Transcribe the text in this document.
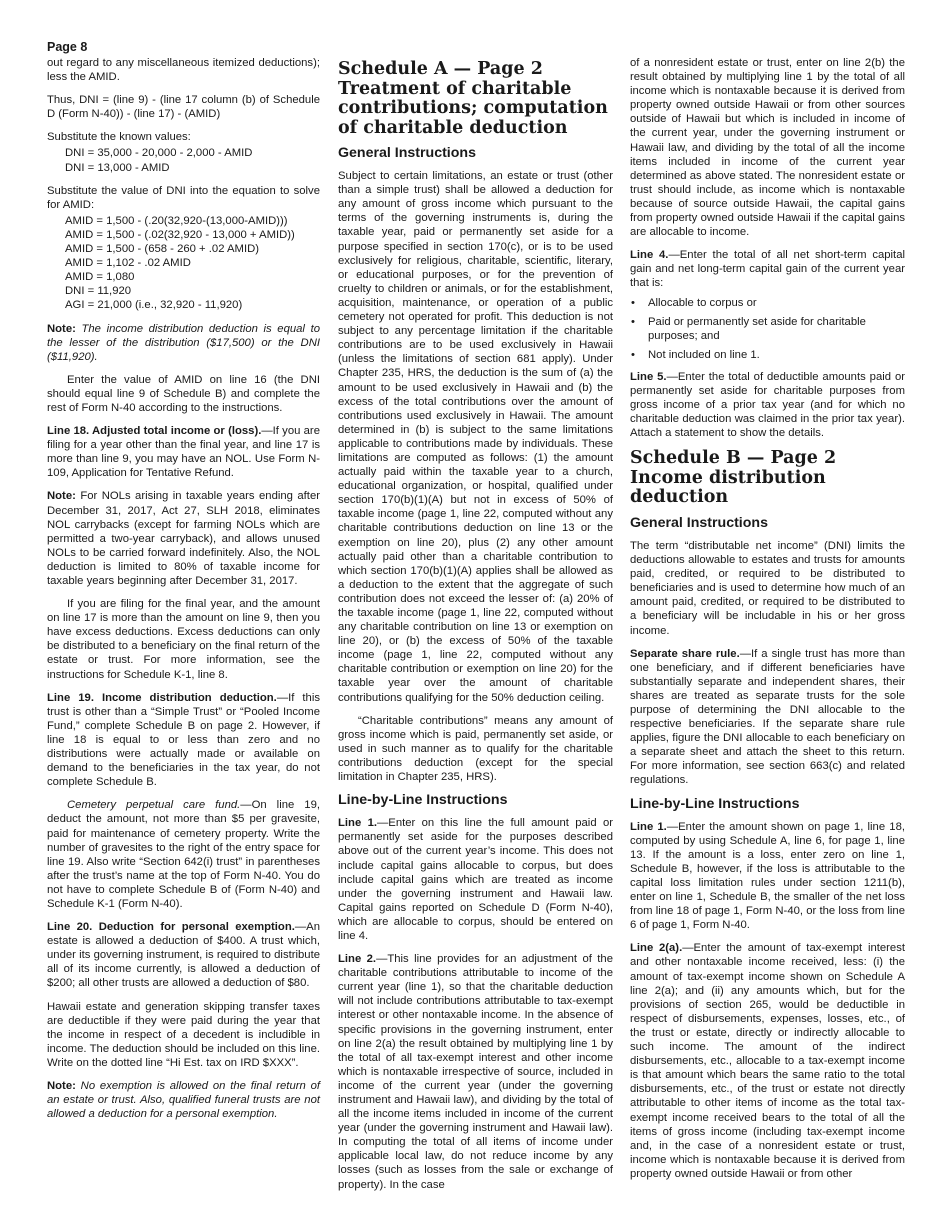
Page 8

out regard to any miscellaneous itemized deductions); less the AMID.

Thus, DNI = (line 9) - (line 17 column (b) of Schedule D (Form N-40)) - (line 17) - (AMID)

Substitute the known values:

DNI = 35,000 - 20,000 - 2,000 - AMID
DNI = 13,000 - AMID

Substitute the value of DNI into the equation to solve for AMID:

AMID = 1,500 - (.20(32,920-(13,000-AMID)))
AMID = 1,500 - (.02(32,920 - 13,000 + AMID))
AMID = 1,500 - (658 - 260 + .02 AMID)
AMID = 1,102 - .02 AMID
AMID = 1,080
DNI = 11,920
AGI = 21,000 (i.e., 32,920 - 11,920)

Note: The income distribution deduction is equal to the lesser of the distribution ($17,500) or the DNI ($11,920).

Enter the value of AMID on line 16 (the DNI should equal line 9 of Schedule B) and complete the rest of Form N-40 according to the instructions.

Line 18. Adjusted total income or (loss).—If you are filing for a year other than the final year, and line 17 is more than line 9, you may have an NOL. Use Form N-109, Application for Tentative Refund.

Note: For NOLs arising in taxable years ending after December 31, 2017, Act 27, SLH 2018, eliminates NOL carrybacks (except for farming NOLs which are permitted a two-year carryback), and allows unused NOLs to be carried forward indefinitely. Also, the NOL deduction is limited to 80% of taxable income for taxable years beginning after December 31, 2017.

If you are filing for the final year, and the amount on line 17 is more than the amount on line 9, then you have excess deductions. Excess deductions can only be distributed to a beneficiary on the final return of the estate or trust. For more information, see the instructions for Schedule K-1, line 8.

Line 19. Income distribution deduction.—If this trust is other than a “Simple Trust” or “Pooled Income Fund,” complete Schedule B on page 2. However, if line 18 is equal to or less than zero and no distributions were actually made or available on demand to the beneficiaries in the tax year, do not complete Schedule B.

Cemetery perpetual care fund.—On line 19, deduct the amount, not more than $5 per gravesite, paid for maintenance of cemetery property. Write the number of gravesites to the right of the entry space for line 19. Also write “Section 642(i) trust” in parentheses after the trust’s name at the top of Form N-40. You do not have to complete Schedule B of (Form N-40) and Schedule K-1 (Form N-40).

Line 20. Deduction for personal exemption.—An estate is allowed a deduction of $400. A trust which, under its governing instrument, is required to distribute all of its income currently, is allowed a deduction of $200; all other trusts are allowed a deduction of $80.

Hawaii estate and generation skipping transfer taxes are deductible if they were paid during the year that the income in respect of a decedent is includible in income. The deduction should be included on this line. Write on the dotted line “Hi Est. tax on IRD $XXX”.

Note: No exemption is allowed on the final return of an estate or trust. Also, qualified funeral trusts are not allowed a deduction for a personal exemption.

Schedule A — Page 2 Treatment of charitable contributions; computation of charitable deduction
General Instructions

Subject to certain limitations, an estate or trust (other than a simple trust) shall be allowed a deduction for any amount of gross income which pursuant to the terms of the governing instruments is, during the taxable year, paid or permanently set aside for a purpose specified in section 170(c), or is to be used exclusively for religious, charitable, scientific, literary, or educational purposes, or for the prevention of cruelty to children or animals, or for the establishment, acquisition, maintenance, or operation of a public cemetery not operated for profit. This deduction is not subject to any percentage limitation if the charitable contributions are to be used exclusively in Hawaii (unless the limitations of section 681 apply). Under Chapter 235, HRS, the deduction is the sum of (a) the amount to be used exclusively in Hawaii and (b) the excess of the total contributions over the amount of contributions used exclusively in Hawaii. The amount determined in (b) is subject to the same limitations applicable to contributions made by individuals. These limitations are computed as follows: (1) the amount actually paid within the taxable year to a church, educational organization, or hospital, qualified under section 170(b)(1)(A) but not in excess of 50% of taxable income (page 1, line 22, computed without any charitable contributions deduction on line 13 or the exemption on line 20), plus (2) any other amount actually paid other than a charitable contribution to which section 170(b)(1)(A) applies shall be allowed as a deduction to the extent that the aggregate of such contribution does not exceed the lesser of: (a) 20% of the taxable income (page 1, line 22, computed without any charitable contribution on line 13 or exemption on line 20), or (b) the excess of 50% of the taxable income (page 1, line 22, computed without any charitable contribution or exemption on line 20) for the taxable year over the amount of charitable contributions qualifying for the 50% deduction ceiling.

“Charitable contributions” means any amount of gross income which is paid, permanently set aside, or used in such manner as to qualify for the charitable contributions deduction (except for the special limitation in Chapter 235, HRS).

Line-by-Line Instructions

Line 1.—Enter on this line the full amount paid or permanently set aside for the purposes described above out of the current year’s income. This does not include capital gains allocable to corpus, but does include capital gains which are treated as income under the governing instrument and Hawaii law. Capital gains reported on Schedule D (Form N-40), which are allocable to corpus, should be entered on line 4.

Line 2.—This line provides for an adjustment of the charitable contributions attributable to income of the current year (line 1), so that the charitable deduction will not include contributions attributable to tax-exempt interest or other nontaxable income. In the absence of specific provisions in the governing instrument, enter on line 2(a) the result obtained by multiplying line 1 by the total of all tax-exempt interest and other income which is nontaxable irrespective of source, included in income of the current year (under the governing instrument and Hawaii law), and dividing by the total of all the income items included in income of the current year (under the governing instrument and Hawaii law). In computing the total of all items of income under applicable local law, do not reduce income by any losses (such as losses from the sale or exchange of property). In the case

of a nonresident estate or trust, enter on line 2(b) the result obtained by multiplying line 1 by the total of all income which is nontaxable because it is derived from property owned outside Hawaii or from other sources outside of Hawaii but which is included in income of the current year, under the governing instrument or Hawaii law, and dividing by the total of all the income items included in income of the current year determined as above stated. The nonresident estate or trust should include, as income which is nontaxable because of source outside Hawaii, the capital gains from property owned outside Hawaii if the capital gains are allocable to income.

Line 4.—Enter the total of all net short-term capital gain and net long-term capital gain of the current year that is:

• Allocable to corpus or
• Paid or permanently set aside for charitable purposes; and
• Not included on line 1.

Line 5.—Enter the total of deductible amounts paid or permanently set aside for charitable purposes from gross income of a prior tax year (and for which no charitable deduction was claimed in the prior tax year). Attach a statement to show the details.

Schedule B — Page 2 Income distribution deduction
General Instructions

The term “distributable net income” (DNI) limits the deductions allowable to estates and trusts for amounts paid, credited, or required to be distributed to beneficiaries and is used to determine how much of an amount paid, credited, or required to be distributed to a beneficiary will be includable in his or her gross income.

Separate share rule.—If a single trust has more than one beneficiary, and if different beneficiaries have substantially separate and independent shares, their shares are treated as separate trusts for the sole purpose of determining the DNI allocable to the respective beneficiaries. If the separate share rule applies, figure the DNI allocable to each beneficiary on a separate sheet and attach the sheet to this return. For more information, see section 663(c) and related regulations.

Line-by-Line Instructions

Line 1.—Enter the amount shown on page 1, line 18, computed by using Schedule A, line 6, for page 1, line 13. If the amount is a loss, enter zero on line 1, Schedule B, however, if the loss is attributable to the capital loss limitation rules under section 1211(b), enter on line 1, Schedule B, the smaller of the net loss from line 18 of page 1, Form N-40, or the loss from line 6 of page 1, Form N-40.

Line 2(a).—Enter the amount of tax-exempt interest and other nontaxable income received, less: (i) the amount of tax-exempt income shown on Schedule A line 2(a); and (ii) any amounts which, but for the provisions of section 265, would be deductible in respect of disbursements, expenses, losses, etc., of the trust or estate, directly or indirectly allocable to such income. The amount of the indirect disbursements, etc., allocable to a tax-exempt income is that amount which bears the same ratio to the total disbursements, etc., of the trust or estate not directly attributable to other items of income as the total tax-exempt income received bears to the total of all the items of gross income (including tax-exempt income and, in the case of a nonresident estate or trust, income which is nontaxable because it is derived from property owned outside Hawaii or from other
